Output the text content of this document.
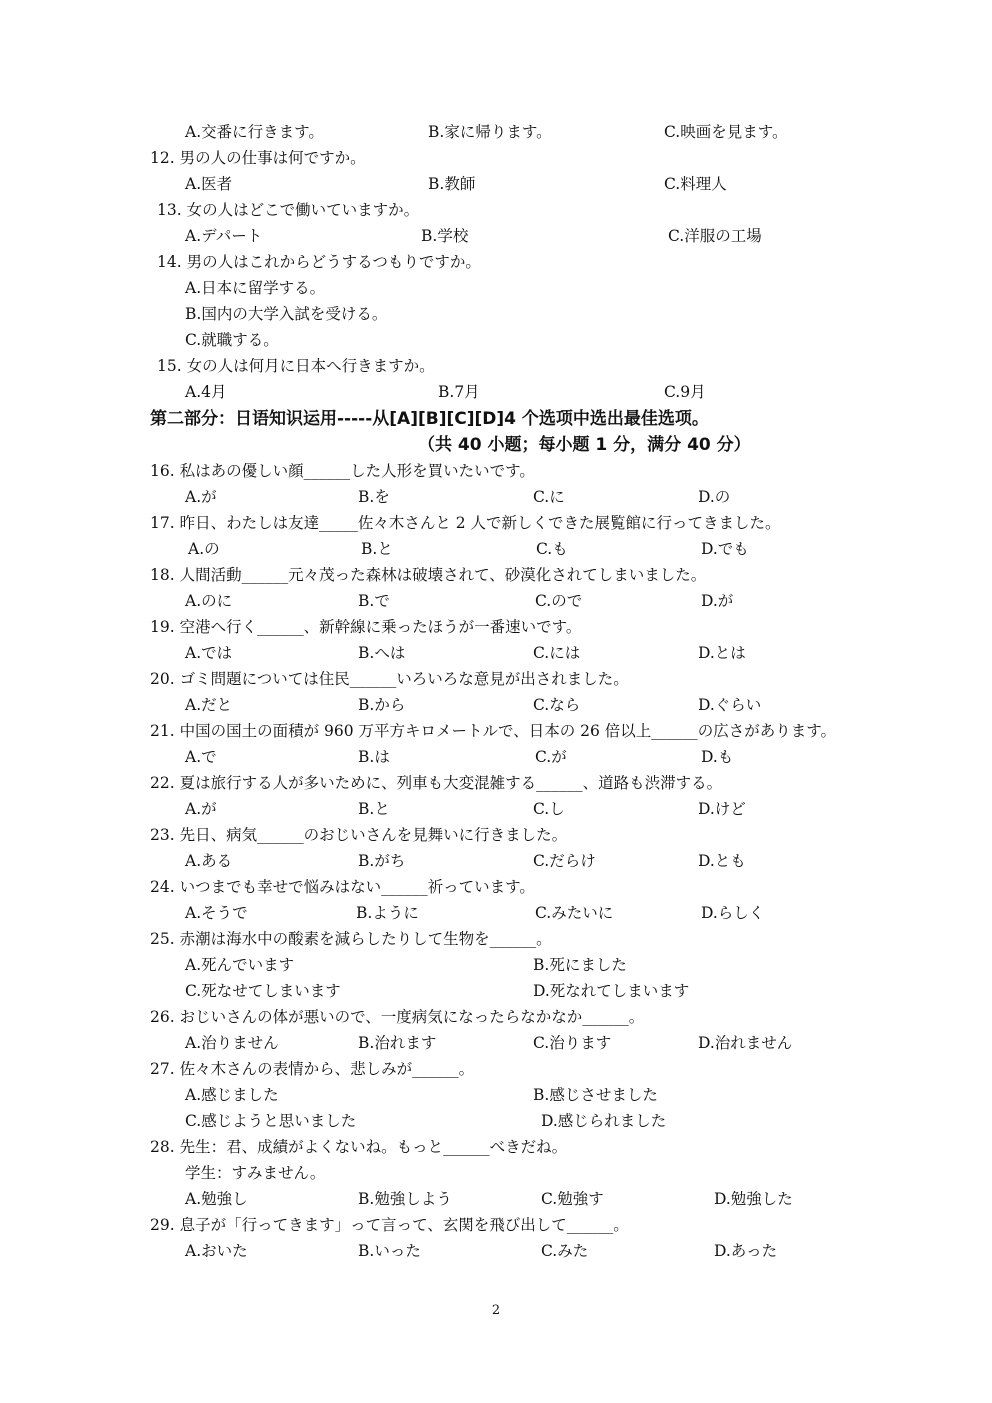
A.交番に行きます。	B.家に帰ります。	C.映画を見ます。
12. 男の人の仕事は何ですか。
A.医者	B.教師	C.料理人
13. 女の人はどこで働いていますか。
A.デパート	B.学校	C.洋服の工場
14. 男の人はこれからどうするつもりですか。
A.日本に留学する。
B.国内の大学入試を受ける。
C.就職する。
15. 女の人は何月に日本へ行きますか。
A.4月	B.7月	C.9月
第二部分：日语知识运用-----从[A][B][C][D]4 个选项中选出最佳选项。
（共 40 小题；每小题 1 分，满分 40 分）
16. 私はあの優しい顔______した人形を買いたいです。
A.が	B.を	C.に	D.の
17. 昨日、わたしは友達_____佐々木さんと 2 人で新しくできた展覧館に行ってきました。
A.の	B.と	C.も	D.でも
18. 人間活動______元々茂った森林は破壊されて、砂漠化されてしまいました。
A.のに	B.で	C.ので	D.が
19. 空港へ行く______、新幹線に乗ったほうが一番速いです。
A.では	B.へは	C.には	D.とは
20. ゴミ問題については住民______いろいろな意見が出されました。
A.だと	B.から	C.なら	D.ぐらい
21. 中国の国土の面積が 960 万平方キロメートルで、日本の 26 倍以上______の広さがあります。
A.で	B.は	C.が	D.も
22. 夏は旅行する人が多いために、列車も大変混雑する______、道路も渋滞する。
A.が	B.と	C.し	D.けど
23. 先日、病気______のおじいさんを見舞いに行きました。
A.ある	B.がち	C.だらけ	D.とも
24. いつまでも幸せで悩みはない______祈っています。
A.そうで	B.ように	C.みたいに	D.らしく
25. 赤潮は海水中の酸素を減らしたりして生物を______。
A.死んでいます	B.死にました
C.死なせてしまいます	D.死なれてしまいます
26. おじいさんの体が悪いので、一度病気になったらなかなか______。
A.治りません	B.治れます	C.治ります	D.治れません
27. 佐々木さんの表情から、悲しみが______。
A.感じました	B.感じさせました
C.感じようと思いました	D.感じられました
28. 先生：君、成績がよくないね。もっと______べきだね。
学生：すみません。
A.勉強し	B.勉強しよう	C.勉強す	D.勉強した
29. 息子が「行ってきます」って言って、玄関を飛び出して______。
A.おいた	B.いった	C.みた	D.あった
2
